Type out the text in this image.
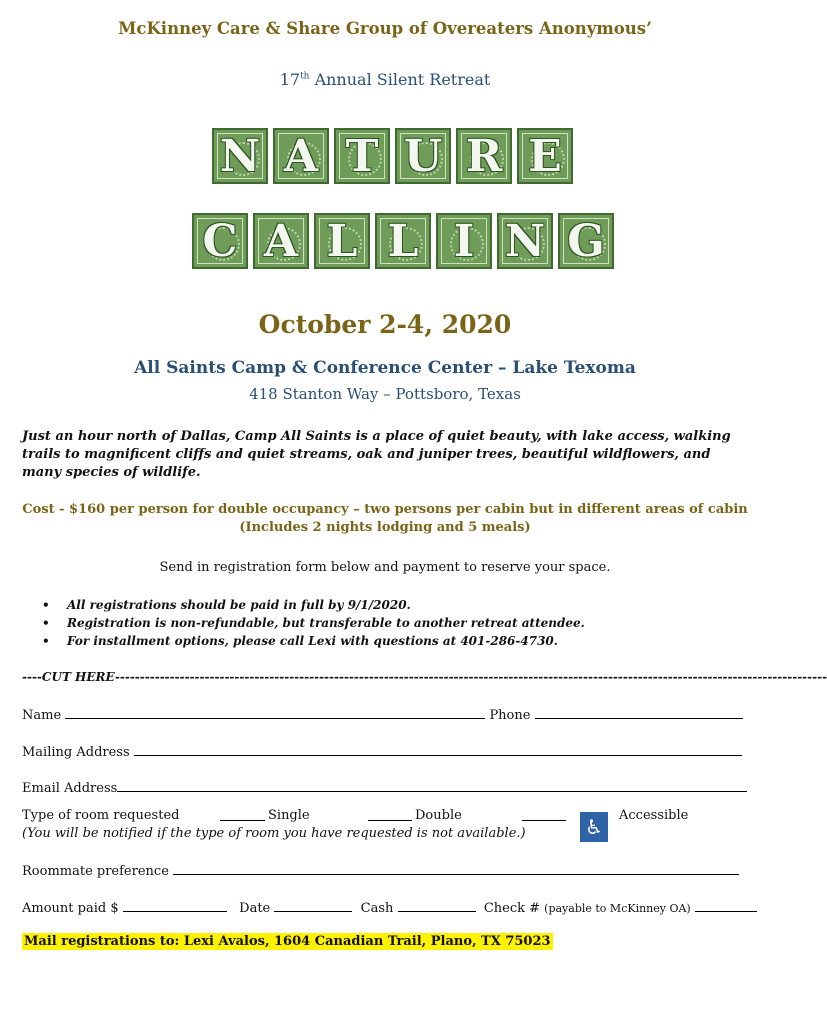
McKinney Care & Share Group of Overeaters Anonymous’
17th Annual Silent Retreat
N A T U R E
C A L L I N G
October 2-4, 2020
All Saints Camp & Conference Center – Lake Texoma
418 Stanton Way – Pottsboro, Texas
Just an hour north of Dallas, Camp All Saints is a place of quiet beauty, with lake access, walking trails to magnificent cliffs and quiet streams, oak and juniper trees, beautiful wildflowers, and many species of wildlife.
Cost - $160 per person for double occupancy – two persons per cabin but in different areas of cabin
(Includes 2 nights lodging and 5 meals)
Send in registration form below and payment to reserve your space.
• All registrations should be paid in full by 9/1/2020.
• Registration is non-refundable, but transferable to another retreat attendee.
• For installment options, please call Lexi with questions at 401-286-4730.
----CUT HERE-----------------------------------------------------------------------------------------------------------------------------------------------
Name	Phone
Mailing Address
Email Address
Type of room requested	Single	Double	♿	Accessible
(You will be notified if the type of room you have requested is not available.)
Roommate preference
Amount paid $	Date	Cash	Check # (payable to McKinney OA)
Mail registrations to: Lexi Avalos, 1604 Canadian Trail, Plano, TX 75023
